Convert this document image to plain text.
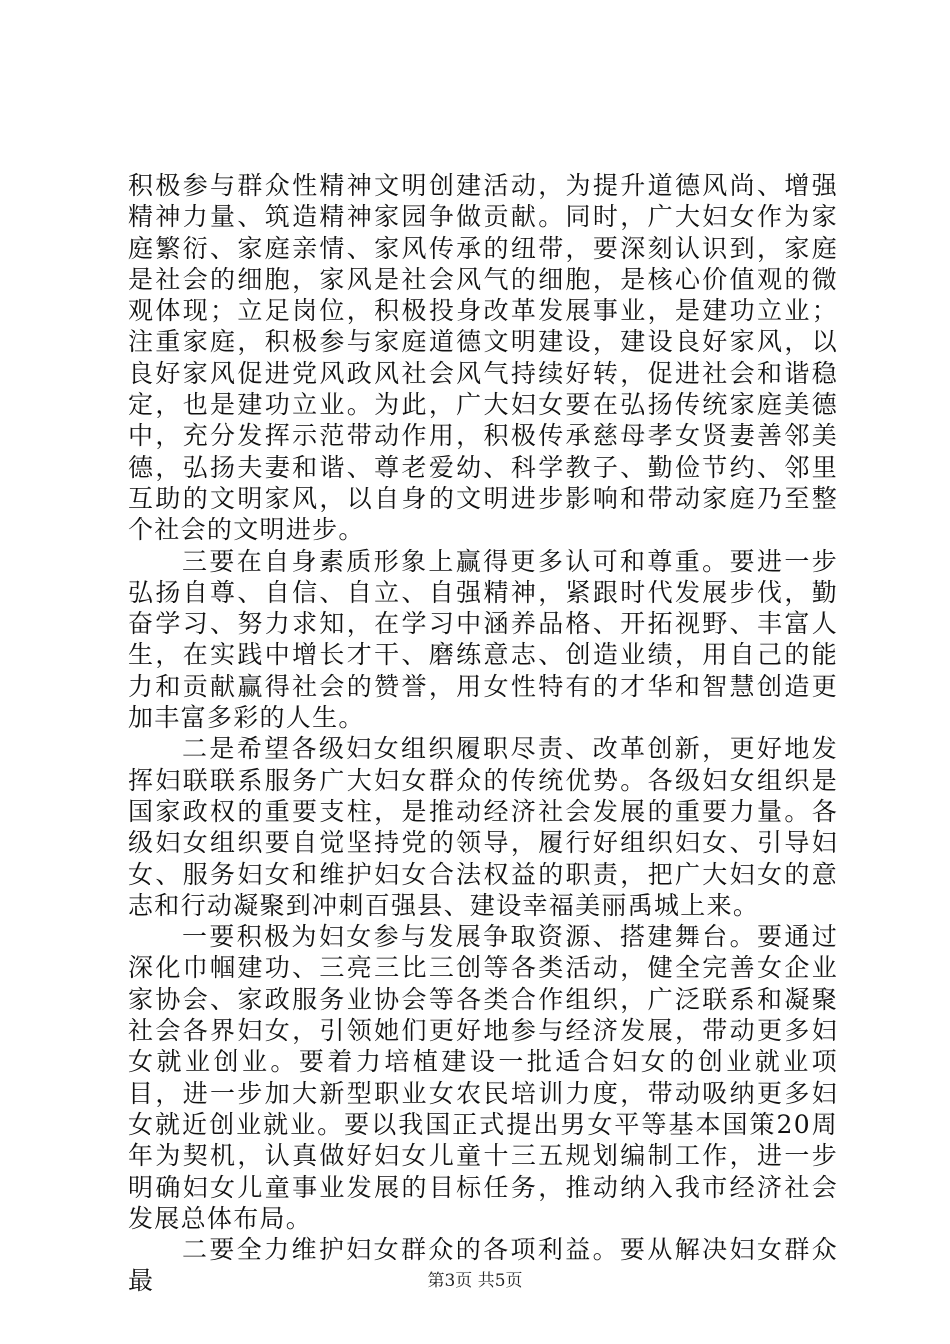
积极参与群众性精神文明创建活动，为提升道德风尚、增强精神力量、筑造精神家园争做贡献。同时，广大妇女作为家庭繁衍、家庭亲情、家风传承的纽带，要深刻认识到，家庭是社会的细胞，家风是社会风气的细胞，是核心价值观的微观体现；立足岗位，积极投身改革发展事业，是建功立业；注重家庭，积极参与家庭道德文明建设，建设良好家风，以良好家风促进党风政风社会风气持续好转，促进社会和谐稳定，也是建功立业。为此，广大妇女要在弘扬传统家庭美德中，充分发挥示范带动作用，积极传承慈母孝女贤妻善邻美德，弘扬夫妻和谐、尊老爱幼、科学教子、勤俭节约、邻里互助的文明家风，以自身的文明进步影响和带动家庭乃至整个社会的文明进步。

三要在自身素质形象上赢得更多认可和尊重。要进一步弘扬自尊、自信、自立、自强精神，紧跟时代发展步伐，勤奋学习、努力求知，在学习中涵养品格、开拓视野、丰富人生，在实践中增长才干、磨练意志、创造业绩，用自己的能力和贡献赢得社会的赞誉，用女性特有的才华和智慧创造更加丰富多彩的人生。

二是希望各级妇女组织履职尽责、改革创新，更好地发挥妇联联系服务广大妇女群众的传统优势。各级妇女组织是国家政权的重要支柱，是推动经济社会发展的重要力量。各级妇女组织要自觉坚持党的领导，履行好组织妇女、引导妇女、服务妇女和维护妇女合法权益的职责，把广大妇女的意志和行动凝聚到冲刺百强县、建设幸福美丽禹城上来。

一要积极为妇女参与发展争取资源、搭建舞台。要通过深化巾帼建功、三亮三比三创等各类活动，健全完善女企业家协会、家政服务业协会等各类合作组织，广泛联系和凝聚社会各界妇女，引领她们更好地参与经济发展，带动更多妇女就业创业。要着力培植建设一批适合妇女的创业就业项目，进一步加大新型职业女农民培训力度，带动吸纳更多妇女就近创业就业。要以我国正式提出男女平等基本国策20周年为契机，认真做好妇女儿童十三五规划编制工作，进一步明确妇女儿童事业发展的目标任务，推动纳入我市经济社会发展总体布局。

二要全力维护妇女群众的各项利益。要从解决妇女群众最	第3页 共5页
